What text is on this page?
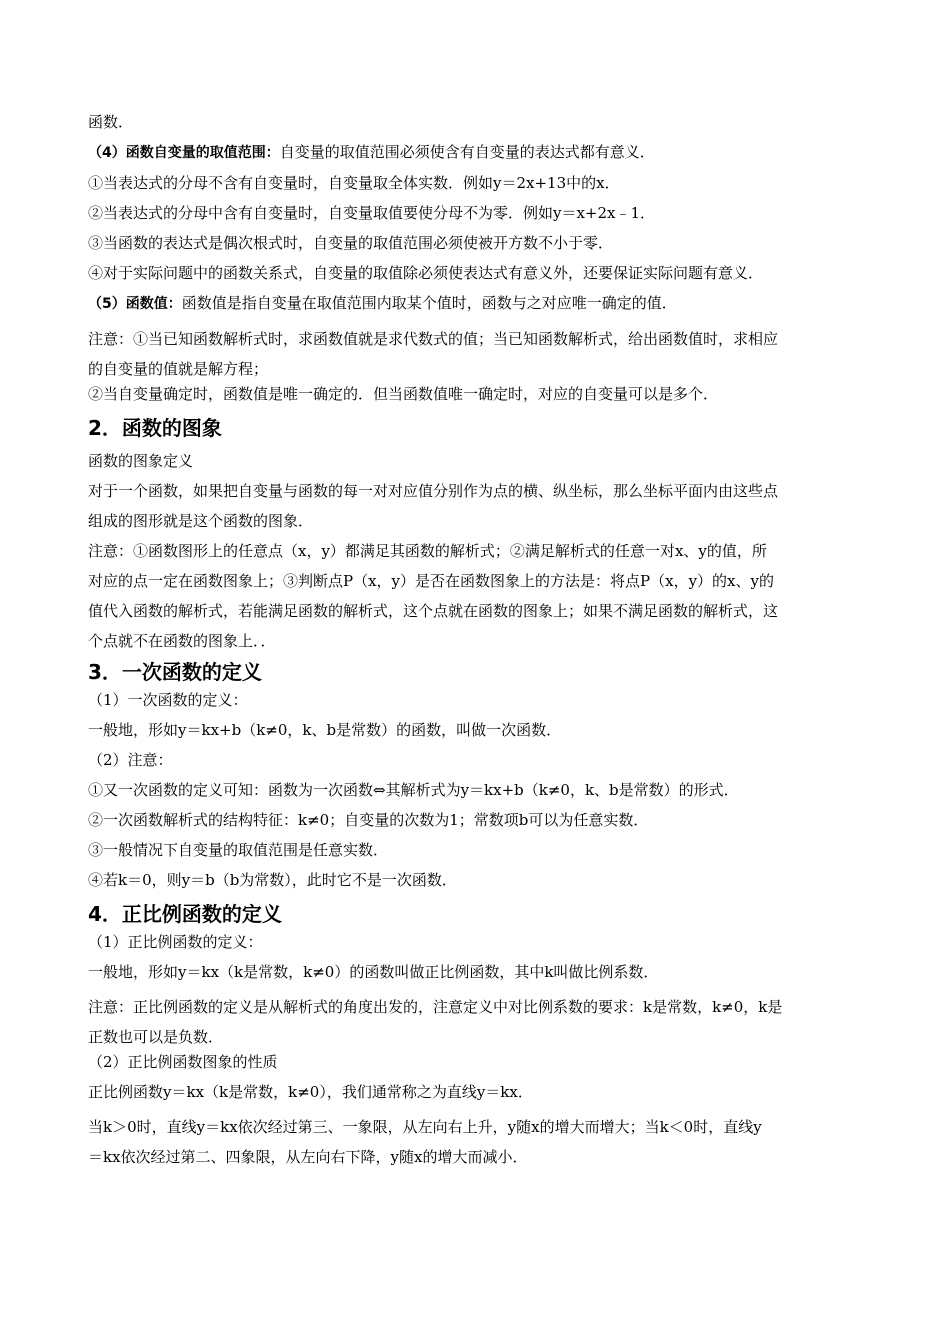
函数．
（4）函数自变量的取值范围：自变量的取值范围必须使含有自变量的表达式都有意义．
①当表达式的分母不含有自变量时，自变量取全体实数．例如y＝2x+13中的x．
②当表达式的分母中含有自变量时，自变量取值要使分母不为零．例如y＝x+2x﹣1．
③当函数的表达式是偶次根式时，自变量的取值范围必须使被开方数不小于零．
④对于实际问题中的函数关系式，自变量的取值除必须使表达式有意义外，还要保证实际问题有意义．
（5）函数值：函数值是指自变量在取值范围内取某个值时，函数与之对应唯一确定的值．
注意：①当已知函数解析式时，求函数值就是求代数式的值；当已知函数解析式，给出函数值时，求相应
的自变量的值就是解方程；
②当自变量确定时，函数值是唯一确定的．但当函数值唯一确定时，对应的自变量可以是多个．
2．函数的图象
函数的图象定义
对于一个函数，如果把自变量与函数的每一对对应值分别作为点的横、纵坐标，那么坐标平面内由这些点
组成的图形就是这个函数的图象．
注意：①函数图形上的任意点（x，y）都满足其函数的解析式；②满足解析式的任意一对x、y的值，所
对应的点一定在函数图象上；③判断点P（x，y）是否在函数图象上的方法是：将点P（x，y）的x、y的
值代入函数的解析式，若能满足函数的解析式，这个点就在函数的图象上；如果不满足函数的解析式，这
个点就不在函数的图象上．．
3．一次函数的定义
（1）一次函数的定义：
一般地，形如y＝kx+b（k≠0，k、b是常数）的函数，叫做一次函数．
（2）注意：
①又一次函数的定义可知：函数为一次函数⇔其解析式为y＝kx+b（k≠0，k、b是常数）的形式．
②一次函数解析式的结构特征：k≠0；自变量的次数为1；常数项b可以为任意实数．
③一般情况下自变量的取值范围是任意实数．
④若k＝0，则y＝b（b为常数），此时它不是一次函数．
4．正比例函数的定义
（1）正比例函数的定义：
一般地，形如y＝kx（k是常数，k≠0）的函数叫做正比例函数，其中k叫做比例系数．
注意：正比例函数的定义是从解析式的角度出发的，注意定义中对比例系数的要求：k是常数，k≠0，k是
正数也可以是负数．
（2）正比例函数图象的性质
正比例函数y＝kx（k是常数，k≠0），我们通常称之为直线y＝kx．
当k＞0时，直线y＝kx依次经过第三、一象限，从左向右上升，y随x的增大而增大；当k＜0时，直线y
＝kx依次经过第二、四象限，从左向右下降，y随x的增大而减小．
